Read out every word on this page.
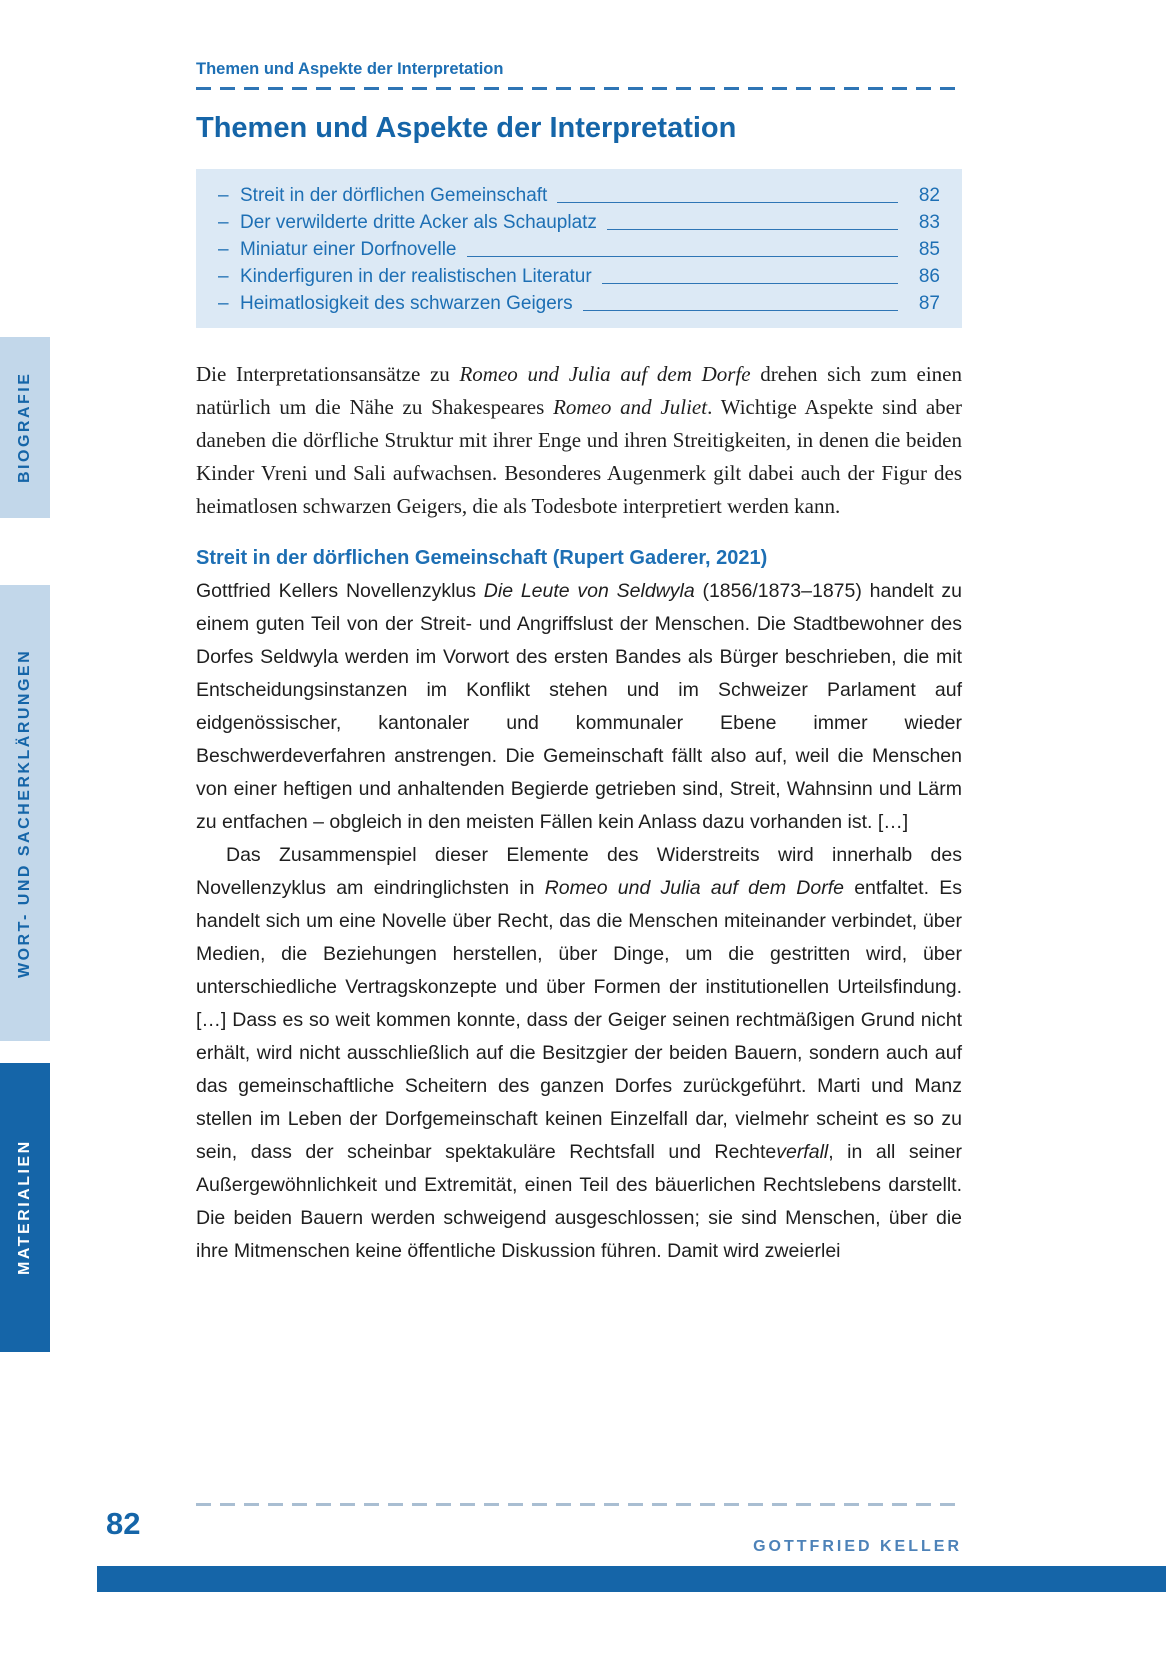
BIOGRAFIE
WORT- UND SACHERKLÄRUNGEN
MATERIALIEN
Themen und Aspekte der Interpretation
Themen und Aspekte der Interpretation
– Streit in der dörflichen Gemeinschaft	82
– Der verwilderte dritte Acker als Schauplatz	83
– Miniatur einer Dorfnovelle	85
– Kinderfiguren in der realistischen Literatur	86
– Heimatlosigkeit des schwarzen Geigers	87

Die Interpretationsansätze zu Romeo und Julia auf dem Dorfe drehen sich zum einen natürlich um die Nähe zu Shakespeares Romeo and Juliet. Wichtige Aspekte sind aber daneben die dörfliche Struktur mit ihrer Enge und ihren Streitigkeiten, in denen die beiden Kinder Vreni und Sali aufwachsen. Besonderes Augenmerk gilt dabei auch der Figur des heimatlosen schwarzen Geigers, die als Todesbote interpretiert werden kann.

Streit in der dörflichen Gemeinschaft (Rupert Gaderer, 2021)

Gottfried Kellers Novellenzyklus Die Leute von Seldwyla (1856/1873–1875) handelt zu einem guten Teil von der Streit- und Angriffslust der Menschen. Die Stadtbewohner des Dorfes Seldwyla werden im Vorwort des ersten Bandes als Bürger beschrieben, die mit Entscheidungsinstanzen im Konflikt stehen und im Schweizer Parlament auf eidgenössischer, kantonaler und kommunaler Ebene immer wieder Beschwerdeverfahren anstrengen. Die Gemeinschaft fällt also auf, weil die Menschen von einer heftigen und anhaltenden Begierde getrieben sind, Streit, Wahnsinn und Lärm zu entfachen – obgleich in den meisten Fällen kein Anlass dazu vorhanden ist. […]

Das Zusammenspiel dieser Elemente des Widerstreits wird innerhalb des Novellenzyklus am eindringlichsten in Romeo und Julia auf dem Dorfe entfaltet. Es handelt sich um eine Novelle über Recht, das die Menschen miteinander verbindet, über Medien, die Beziehungen herstellen, über Dinge, um die gestritten wird, über unterschiedliche Vertragskonzepte und über Formen der institutionellen Urteilsfindung. […] Dass es so weit kommen konnte, dass der Geiger seinen rechtmäßigen Grund nicht erhält, wird nicht ausschließlich auf die Besitzgier der beiden Bauern, sondern auch auf das gemeinschaftliche Scheitern des ganzen Dorfes zurückgeführt. Marti und Manz stellen im Leben der Dorfgemeinschaft keinen Einzelfall dar, vielmehr scheint es so zu sein, dass der scheinbar spektakuläre Rechtsfall und Rechteverfall, in all seiner Außergewöhnlichkeit und Extremität, einen Teil des bäuerlichen Rechtslebens darstellt. Die beiden Bauern werden schweigend ausgeschlossen; sie sind Menschen, über die ihre Mitmenschen keine öffentliche Diskussion führen. Damit wird zweierlei

82
GOTTFRIED KELLER
